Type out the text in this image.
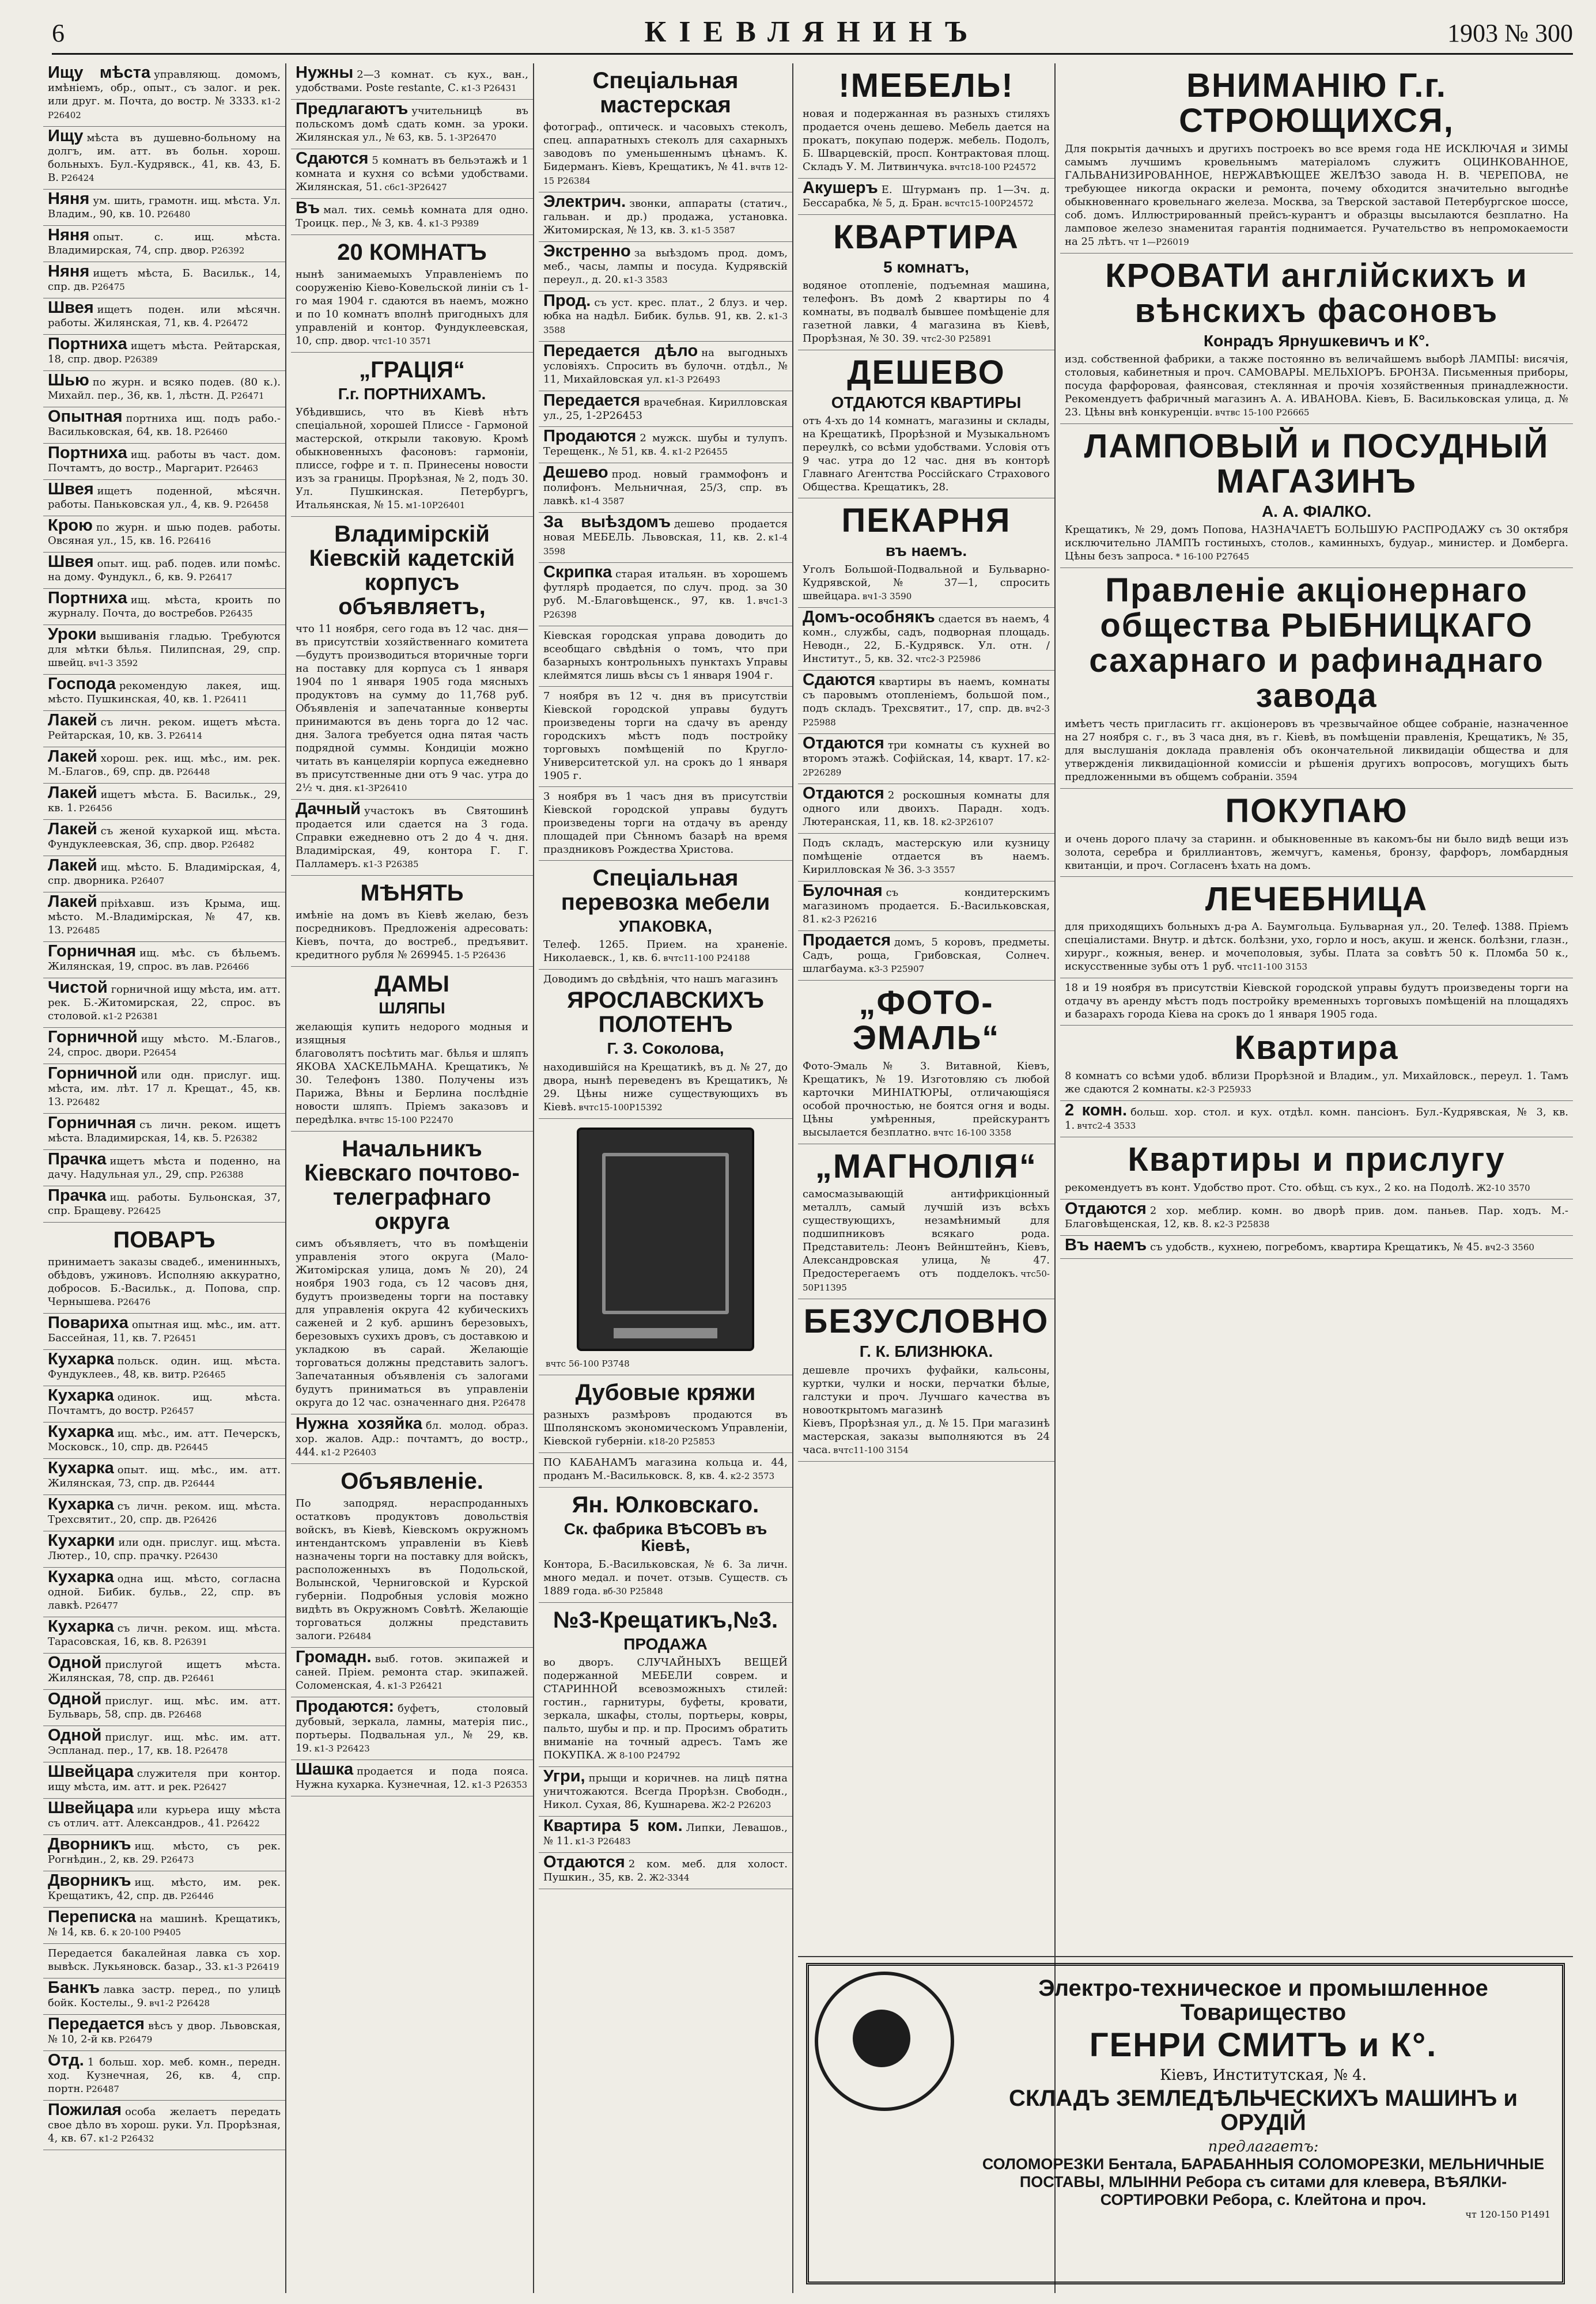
6	КІЕВЛЯНИНЪ	1903 № 300
Ищу мѣста управляющ. домомъ, имѣніемъ, обр., опыт., съ залог. и рек. или друг. м. Почта, до востр. № 3333. к1-2 Р26402
Ищу мѣста въ душевно-больному на долгъ, им. атт. въ больн. хорош. больныхъ. Бул.-Кудрявск., 41, кв. 43, Б. В. Р26424
Няня ум. шить, грамотн. ищ. мѣста. Ул. Владим., 90, кв. 10. Р26480
Няня опыт. с. ищ. мѣста. Владимирская, 74, спр. двор. Р26392
Няня ищетъ мѣста, Б. Васильк., 14, спр. дв. Р26475
Швея ищетъ поден. или мѣсячн. работы. Жилянская, 71, кв. 4. Р26472
Портниха ищетъ мѣста. Рейтарская, 18, спр. двор. Р26389
Шью по журн. и всяко подев. (80 к.). Михайл. пер., 36, кв. 1, лѣстн. Д. Р26471
Опытная портниха ищ. подъ рабо.-Васильковская, 64, кв. 18. Р26460
Портниха ищ. работы въ част. дом. Почтамтъ, до востр., Маргарит. Р26463
Швея ищетъ поденной, мѣсячн. работы. Паньковская ул., 4, кв. 9. Р26458
Крою по журн. и шью подев. работы. Овсяная ул., 15, кв. 16. Р26416
Швея опыт. ищ. раб. подев. или помѣс. на дому. Фундукл., 6, кв. 9. Р26417
Портниха ищ. мѣста, кроить по журналу. Почта, до востребов. Р26435
Уроки вышиванія гладью. Требуются для мѣтки бѣлья. Пилипсная, 29, спр. швейц. вч1-3 3592
Господа рекомендую лакея, ищ. мѣсто. Пушкинская, 40, кв. 1. Р26411
Лакей съ личн. реком. ищетъ мѣста. Рейтарская, 10, кв. 3. Р26414
Лакей хорош. рек. ищ. мѣс., им. рек. М.-Благов., 69, спр. дв. Р26448
Лакей ищетъ мѣста. Б. Васильк., 29, кв. 1. Р26456
Лакей съ женой кухаркой ищ. мѣста. Фундуклеевская, 36, спр. двор. Р26482
Лакей ищ. мѣсто. Б. Владимірская, 4, спр. дворника. Р26407
Лакей пріѣхавш. изъ Крыма, ищ. мѣсто. М.-Владимірская, № 47, кв. 13. Р26485
Горничная ищ. мѣс. съ бѣльемъ. Жилянская, 19, спрос. въ лав. Р26466
Чистой горничной ищу мѣста, им. атт. рек. Б.-Житомирская, 22, спрос. въ столовой. к1-2 Р26381
Горничной ищу мѣсто. М.-Благов., 24, спрос. двори. Р26454
Горничной или одн. прислуг. ищ. мѣста, им. лѣт. 17 л. Крещат., 45, кв. 13. Р26482
Горничная съ личн. реком. ищетъ мѣста. Владимирская, 14, кв. 5. Р26382
Прачка ищетъ мѣста и поденно, на дачу. Надульная ул., 29, спр. Р26388
Прачка ищ. работы. Бульонская, 37, спр. Бращеву. Р26425
ПОВАРЪ
принимаетъ заказы свадеб., именинныхъ, обѣдовъ, ужиновъ. Исполняю аккуратно, добросов. Б.-Васильк., д. Попова, спр. Чернышева. Р26476
Повариха опытная ищ. мѣс., им. атт. Бассейная, 11, кв. 7. Р26451
Кухарка польск. один. ищ. мѣста. Фундуклеев., 48, кв. витр. Р26465
Кухарка одинок. ищ. мѣста. Почтамтъ, до востр. Р26457
Кухарка ищ. мѣс., им. атт. Печерскъ, Московск., 10, спр. дв. Р26445
Кухарка опыт. ищ. мѣс., им. атт. Жилянская, 73, спр. дв. Р26444
Кухарка съ личн. реком. ищ. мѣста. Трехсвятит., 20, спр. дв. Р26426
Кухарки или одн. прислуг. ищ. мѣста. Лютер., 10, спр. прачку. Р26430
Кухарка одна ищ. мѣсто, согласна одной. Бибик. бульв., 22, спр. въ лавкѣ. Р26477
Кухарка съ личн. реком. ищ. мѣста. Тарасовская, 16, кв. 8. Р26391
Одной прислугой ищетъ мѣста. Жилянская, 78, спр. дв. Р26461
Одной прислуг. ищ. мѣс. им. атт. Бульварь, 58, спр. дв. Р26468
Одной прислуг. ищ. мѣс. им. атт. Эспланад. пер., 17, кв. 18. Р26478
Швейцара служителя при контор. ищу мѣста, им. атт. и рек. Р26427
Швейцара или курьера ищу мѣста съ отлич. атт. Александров., 41. Р26422
Дворникъ ищ. мѣсто, съ рек. Рогнѣдин., 2, кв. 29. Р26473
Дворникъ ищ. мѣсто, им. рек. Крещатикъ, 42, спр. дв. Р26446
Переписка на машинѣ. Крещатикъ, № 14, кв. 6. к 20-100 Р9405
Передается бакалейная лавка съ хор. вывѣск. Лукьяновск. базар., 33. к1-3 Р26419
Банкъ лавка застр. перед., по улицѣ бойк. Костелы., 9. вч1-2 Р26428
Передается вѣсъ у двор. Львовская, № 10, 2-й кв. Р26479
Отд. 1 больш. хор. меб. комн., передн. ход. Кузнечная, 26, кв. 4, спр. портн. Р26487
Пожилая особа желаетъ передать свое дѣло въ хорош. руки. Ул. Прорѣзная, 4, кв. 67. к1-2 Р26432
Нужны 2—3 комнат. съ кух., ван., удобствами. Poste restante, С. к1-3 Р26431
Предлагаютъ учительницѣ въ польскомъ домѣ сдать комн. за уроки. Жилянская ул., № 63, кв. 5. 1-3Р26470
Сдаются 5 комнатъ въ бельэтажѣ и 1 комната и кухня со всѣми удобствами. Жилянская, 51. с6с1-3Р26427
Въ мал. тих. семьѣ комната для одно. Троицк. пер., № 3, кв. 4. к1-3 Р9389
20 КОМНАТЪ
нынѣ занимаемыхъ Управленіемъ по сооруженію Кіево-Ковельской линіи съ 1-го мая 1904 г. сдаются въ наемъ, можно и по 10 комнатъ вполнѣ пригодныхъ для управленій и контор. Фундуклеевская, 10, спр. двор. чтс1-10 3571
„ГРАЦІЯ“
Г.г. ПОРТНИХАМЪ.
Убѣдившись, что въ Кіевѣ нѣтъ спеціальной, хорошей Плиссе - Гармоной мастерской, открыли таковую. Кромѣ обыкновенныхъ фасоновъ: гармоніи, плиссе, гофре и т. п. Принесены новости изъ за границы. Прорѣзная, № 2, подъ 30. Ул. Пушкинская. Петербургъ, Итальянская, № 15. м1-10Р26401
Владимірскій Кіевскій кадетскій корпусъ объявляетъ,
что 11 ноября, сего года въ 12 час. дня—въ присутствіи хозяйственнаго комитета—будутъ производиться вторичные торги на поставку для корпуса съ 1 января 1904 по 1 января 1905 года мясныхъ продуктовъ на сумму до 11,768 руб. Объявленія и запечатанные конверты принимаются въ день торга до 12 час. дня. Залога требуется одна пятая часть подрядной суммы. Кондиціи можно читать въ канцеляріи корпуса ежедневно въ присутственные дни отъ 9 час. утра до 2½ ч. дня. к1-3Р26410
Дачный участокъ въ Святошинѣ продается или сдается на 3 года. Справки ежедневно отъ 2 до 4 ч. дня. Владимірская, 49, контора Г. Г. Палламеръ. к1-3 Р26385
МѢНЯТЬ
имѣніе на домъ въ Кіевѣ желаю, безъ посредниковъ. Предложенія адресовать: Кіевъ, почта, до востреб., предъявит. кредитного рубля № 269945. 1-5 Р26436
ДАМЫ
ШЛЯПЫ
желающія купить недорого модныя и изящныя
благоволятъ посѣтить маг. бѣлья и шляпъ ЯКОВА ХАСКЕЛЬМАНА. Крещатикъ, № 30. Телефонъ 1380. Получены изъ Парижа, Вѣны и Берлина послѣдніе новости шляпъ. Пріемъ заказовъ и передѣлка. вчтвс 15-100 Р22470
Начальникъ Кіевскаго почтово-телеграфнаго округа
симъ объявляетъ, что въ помѣщеніи управленія этого округа (Мало-Житомірская улица, домъ № 20), 24 ноября 1903 года, съ 12 часовъ дня, будутъ произведены торги на поставку для управленія округа 42 кубическихъ саженей и 2 куб. аршинъ березовыхъ, березовыхъ сухихъ дровъ, съ доставкою и укладкою въ сарай. Желающіе торговаться должны представить залогъ. Запечатанныя объявленія съ залогами будутъ приниматься въ управленіи округа до 12 час. означеннаго дня. Р26478
Нужна хозяйка бл. молод. образ. хор. жалов. Адр.: почтамтъ, до востр., 444. к1-2 Р26403
Объявленіе.
По заподряд. нераспроданныхъ остатковъ продуктовъ довольствія войскъ, въ Кіевѣ, Кіевскомъ окружномъ интендантскомъ управленіи въ Кіевѣ назначены торги на поставку для войскъ, расположенныхъ въ Подольской, Волынской, Черниговской и Курской губерніи. Подробныя условія можно видѣть въ Окружномъ Совѣтѣ. Желающіе торговаться должны представить залоги. Р26484
Громадн. выб. готов. экипажей и саней. Пріем. ремонта стар. экипажей. Соломенская, 4. к1-3 Р26421
Продаются: буфетъ, столовый дубовый, зеркала, ламны, матерія пис., портьеры. Подвальная ул., № 29, кв. 19. к1-3 Р26423
Шашка продается и пода пояса. Нужна кухарка. Кузнечная, 12. к1-3 Р26353
Спеціальная мастерская
фотограф., оптическ. и часовыхъ стеколъ, спец. аппаратныхъ стеколъ для сахарныхъ заводовъ по уменьшеннымъ цѣнамъ. К. Бидерманъ. Кіевъ, Крещатикъ, № 41. вчтв 12-15 Р26384
Электрич. звонки, аппараты (статич., гальван. и др.) продажа, установка. Житомирская, № 13, кв. 3. к1-5 3587
Экстренно за выѣздомъ прод. домъ, меб., часы, лампы и посуда. Кудрявскій переул., д. 20. к1-3 3583
Прод. съ уст. крес. плат., 2 блуз. и чер. юбка на надѣл. Бибик. бульв. 91, кв. 2. к1-3 3588
Передается дѣло на выгодныхъ условіяхъ. Спросить въ булочн. отдѣл., № 11, Михайловская ул. к1-3 Р26493
Передается врачебная. Кирилловская ул., 25, 1-2Р26453
Продаются 2 мужск. шубы и тулупъ. Терещенк., № 51, кв. 4. к1-2 Р26455
Дешево прод. новый граммофонъ и полифонъ. Мельничная, 25/3, спр. въ лавкѣ. к1-4 3587
За выѣздомъ дешево продается новая МЕБЕЛЬ. Львовская, 11, кв. 2. к1-4 3598
Скрипка старая итальян. въ хорошемъ футлярѣ продается, по случ. прод. за 30 руб. М.-Благовѣщенск., 97, кв. 1. вчс1-3 Р26398
Кіевская городская управа доводить до всеобщаго свѣдѣнія о томъ, что при базарныхъ контрольныхъ пунктахъ Управы клеймятся лишь вѣсы съ 1 января 1904 г.
7 ноября въ 12 ч. дня въ присутствіи Кіевской городской управы будутъ произведены торги на сдачу въ аренду городскихъ мѣстъ подъ постройку торговыхъ помѣщеній по Кругло-Университетской ул. на срокъ до 1 января 1905 г.
3 ноября въ 1 часъ дня въ присутствіи Кіевской городской управы будутъ произведены торги на отдачу въ аренду площадей при Сѣнномъ базарѣ на время праздниковъ Рождества Христова.
Спеціальная перевозка мебели
УПАКОВКА,
Телеф. 1265. Прием. на храненіе. Николаевск., 1, кв. 6. вчтс11-100 Р24188
Доводимъ до свѣдѣнія, что нашъ магазинъ
ЯРОСЛАВСКИХЪ ПОЛОТЕНЪ
Г. З. Соколова,
находившійся на Крещатикѣ, въ д. № 27, до двора, нынѣ переведенъ въ Крещатикъ, № 29. Цѣны ниже существующихъ въ Кіевѣ. вчтс15-100Р15392
вчтс 56-100 Р3748
Дубовые кряжи
разныхъ размѣровъ продаются въ Шполянскомъ экономическомъ Управленіи, Кіевской губерніи. к18-20 Р25853
ПО КАБАНАМЪ магазина кольца и. 44, проданъ М.-Васильковск. 8, кв. 4. к2-2 3573
Ян. Юлковскаго.
Ск. фабрика ВѢСОВЪ въ Кіевѣ,
Контора, Б.-Васильковская, № 6. За личн. много медал. и почет. отзыв. Существ. съ 1889 года. вб-30 Р25848
№3-Крещатикъ,№3.
ПРОДАЖА
во дворъ. СЛУЧАЙНЫХЪ ВЕЩЕЙ подержанной МЕБЕЛИ соврем. и СТАРИННОЙ всевозможныхъ стилей: гостин., гарнитуры, буфеты, кровати, зеркала, шкафы, столы, портьеры, ковры, пальто, шубы и пр. и пр. Просимъ обратить вниманіе на точный адресъ. Тамъ же ПОКУПКА. Ж 8-100 Р24792
Угри, прыщи и коричнев. на лицѣ пятна уничтожаются. Всегда Прорѣзн. Свободн., Никол. Сухая, 86, Кушнарева. Ж2-2 Р26203
Квартира 5 ком. Липки, Левашов., № 11. к1-3 Р26483
Отдаются 2 ком. меб. для холост. Пушкин., 35, кв. 2. Ж2-3344
!МЕБЕЛЬ!
новая и подержанная въ разныхъ стиляхъ продается очень дешево. Мебель дается на прокатъ, покупаю подерж. мебель. Подолъ, Б. Шварцевскій, просп. Контрактовая площ. Складъ У. М. Литвинчука. вчтс18-100 Р24572
Акушеръ Е. Штурманъ пр. 1—3ч. д. Бессарабка, № 5, д. Бран. всчтс15-100Р24572
КВАРТИРА
5 комнатъ,
водяное отопленіе, подъемная машина, телефонъ. Въ домѣ 2 квартиры по 4 комнаты, въ подвалѣ бывшее помѣщеніе для газетной лавки, 4 магазина въ Кіевѣ, Прорѣзная, № 30. 39. чтс2-30 Р25891
ДЕШЕВО
ОТДАЮТСЯ КВАРТИРЫ
отъ 4-хъ до 14 комнатъ, магазины и склады, на Крещатикѣ, Прорѣзной и Музыкальномъ переулкѣ, со всѣми удобствами. Условія отъ 9 час. утра до 12 час. дня въ конторѣ Главнаго Агентства Россійскаго Страхового Общества. Крещатикъ, 28.
ПЕКАРНЯ
въ наемъ.
Уголъ Большой-Подвальной и Бульварно-Кудрявской, № 37—1, спросить швейцара. вч1-3 3590
Домъ-особнякъ сдается въ наемъ, 4 комн., службы, садъ, подворная площадь. Неводн., 22, Б.-Кудрявск. Ул. отн. / Институт., 5, кв. 32. чтс2-3 Р25986
Сдаются квартиры въ наемъ, комнаты съ паровымъ отопленіемъ, большой пом., подъ складъ. Трехсвятит., 17, спр. дв. вч2-3 Р25988
Отдаются три комнаты съ кухней во второмъ этажѣ. Софійская, 14, кварт. 17. к2-2Р26289
Отдаются 2 роскошныя комнаты для одного или двоихъ. Парадн. ходъ. Лютеранская, 11, кв. 18. к2-3Р26107
Подъ складъ, мастерскую или кузницу помѣщеніе отдается въ наемъ. Кирилловская № 36. 3-3 3557
Булочная съ кондитерскимъ магазиномъ продается. Б.-Васильковская, 81. к2-3 Р26216
Продается домъ, 5 коровъ, предметы. Садъ, роща, Грибовская, Солнеч. шлагбаума. к3-3 Р25907
„ФОТО-ЭМАЛЬ“
Фото-Эмаль № 3. Витавной, Кіевъ, Крещатикъ, № 19. Изготовляю съ любой карточки МИНІАТЮРЫ, отличающіяся особой прочностью, не боятся огня и воды. Цѣны умѣренныя, прейскурантъ высылается безплатно. вчтс 16-100 3358
„МАГНОЛІЯ“
самосмазывающій антифрикціонный металлъ, самый лучшій изъ всѣхъ существующихъ, незамѣнимый для подшипниковъ всякаго рода. Представитель: Леонъ Вейнштейнъ, Кіевъ, Александровская улица, № 47. Предостерегаемъ отъ подделокъ. чтс50-50Р11395
БЕЗУСЛОВНО
Г. К. БЛИЗНЮКА.
дешевле прочихъ фуфайки, кальсоны, куртки, чулки и носки, перчатки бѣлые, галстуки и проч. Лучшаго качества въ новооткрытомъ магазинѣ
Кіевъ, Прорѣзная ул., д. № 15. При магазинѣ мастерская, заказы выполняются въ 24 часа. вчтс11-100 3154
ВНИМАНІЮ Г.г. СТРОЮЩИХСЯ,
Для покрытія дачныхъ и другихъ построекъ во все время года НЕ ИСКЛЮЧАЯ и ЗИМЫ самымъ лучшимъ кровельнымъ матеріаломъ служитъ ОЦИНКОВАННОЕ, ГАЛЬВАНИЗИРОВАННОЕ, НЕРЖАВѢЮЩЕЕ ЖЕЛѢЗО завода Н. В. ЧЕРЕПОВА, не требующее никогда окраски и ремонта, почему обходится значительно выгоднѣе обыкновеннаго кровельнаго железа. Москва, за Тверской заставой Петербургское шоссе, соб. домъ. Иллюстрированный прейсъ-курантъ и образцы высылаются безплатно. На ламповое железо знаменитая гарантія поднимается. Ручательство въ непромокаемости на 25 лѣтъ. чт 1—Р26019
КРОВАТИ англійскихъ и вѣнскихъ фасоновъ
Конрадъ Ярнушкевичъ и К°.
изд. собственной фабрики, а также постоянно въ величайшемъ выборѣ ЛАМПЫ: висячія, столовыя, кабинетныя и проч. САМОВАРЫ. МЕЛЬХІОРЪ. БРОНЗА. Письменныя приборы, посуда фарфоровая, фаянсовая, стеклянная и прочія хозяйственныя принадлежности. Рекомендуетъ фабричный магазинъ А. А. ИВАНОВА. Кіевъ, Б. Васильковская улица, д. № 23. Цѣны внѣ конкуренціи. вчтвс 15-100 Р26665
ЛАМПОВЫЙ и ПОСУДНЫЙ МАГАЗИНЪ
А. А. ФІАЛКО.
Крещатикъ, № 29, домъ Попова, НАЗНАЧАЕТЪ БОЛЬШУЮ РАСПРОДАЖУ съ 30 октября исключительно ЛАМПЪ гостиныхъ, столов., каминныхъ, будуар., министер. и Домберга. Цѣны безъ запроса. * 16-100 Р27645
Правленіе акціонернаго общества РЫБНИЦКАГО сахарнаго и рафинаднаго завода
имѣетъ честь пригласить гг. акціонеровъ въ чрезвычайное общее собраніе, назначенное на 27 ноября с. г., въ 3 часа дня, въ г. Кіевѣ, въ помѣщеніи правленія, Крещатикъ, № 35, для выслушанія доклада правленія объ окончательной ликвидаціи общества и для утвержденія ликвидаціонной комиссіи и рѣшенія другихъ вопросовъ, могущихъ быть предложенными въ общемъ собраніи. 3594
ПОКУПАЮ
и очень дорого плачу за старинн. и обыкновенные въ какомъ-бы ни было видѣ вещи изъ золота, серебра и бриллиантовъ, жемчугъ, каменья, бронзу, фарфоръ, ломбардныя квитанціи, и проч. Согласенъ ѣхать на домъ.
ЛЕЧЕБНИЦА
для приходящихъ больныхъ д-ра А. Баумгольца. Бульварная ул., 20. Телеф. 1388. Пріемъ спеціалистами. Внутр. и дѣтск. болѣзни, ухо, горло и носъ, акуш. и женск. болѣзни, глазн., хирург., кожныя, венер. и мочеполовыя, зубы. Плата за совѣтъ 50 к. Пломба 50 к., искусственные зубы отъ 1 руб. чтс11-100 3153
18 и 19 ноября въ присутствіи Кіевской городской управы будутъ произведены торги на отдачу въ аренду мѣстъ подъ постройку временныхъ торговыхъ помѣщеній на площадяхъ и базарахъ города Кіева на срокъ до 1 января 1905 года.
Квартира
8 комнатъ со всѣми удоб. вблизи Прорѣзной и Владим., ул. Михайловск., переул. 1. Тамъ же сдаются 2 комнаты. к2-3 Р25933
2 комн. больш. хор. стол. и кух. отдѣл. комн. пансіонъ. Бул.-Кудрявская, № 3, кв. 1. вчтс2-4 3533
Квартиры и прислугу
рекомендуетъ въ конт. Удобство прот. Сто. обѣщ. съ кух., 2 ко. на Подолѣ. Ж2-10 3570
Отдаются 2 хор. меблир. комн. во дворѣ прив. дом. паньев. Пар. ходъ. М.-Благовѣщенская, 12, кв. 8. к2-3 Р25838
Въ наемъ съ удобств., кухнею, погребомъ, квартира Крещатикъ, № 45. вч2-3 3560
Электро-техническое и промышленное Товарищество
ГЕНРИ СМИТЪ и К°.
Кіевъ, Институтская, № 4.
СКЛАДЪ ЗЕМЛЕДѢЛЬЧЕСКИХЪ МАШИНЪ и ОРУДІЙ
предлагаетъ:
СОЛОМОРЕЗКИ Бентала, БАРАБАННЫЯ СОЛОМОРЕЗКИ, МЕЛЬНИЧНЫЕ ПОСТАВЫ, МЛЫННИ Ребора съ ситами для клевера, ВѢЯЛКИ-СОРТИРОВКИ Ребора, с. Клейтона и проч.
чт 120-150 Р1491
